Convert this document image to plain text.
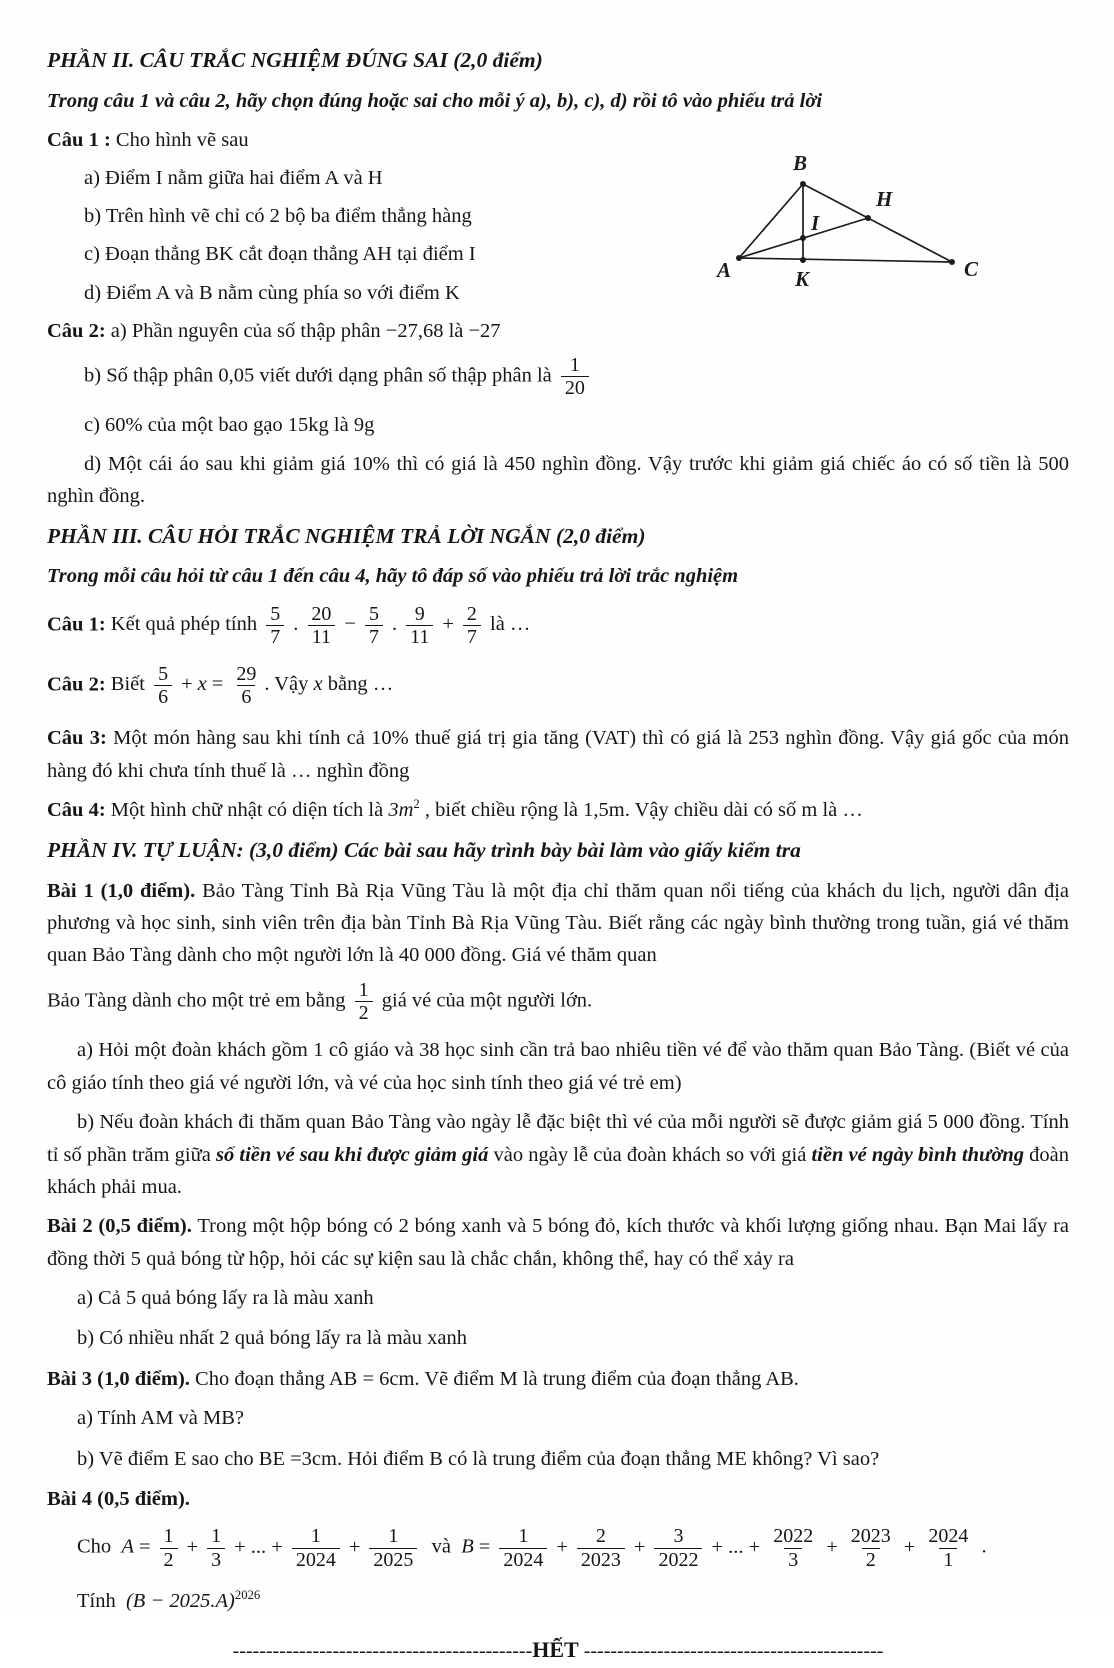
PHẦN II. CÂU TRẮC NGHIỆM ĐÚNG SAI (2,0 điểm)
Trong câu 1 và câu 2, hãy chọn đúng hoặc sai cho mỗi ý a), b), c), d) rồi tô vào phiếu trả lời
Câu 1 : Cho hình vẽ sau
a) Điểm I nằm giữa hai điểm A và H
b) Trên hình vẽ chỉ có 2 bộ ba điểm thẳng hàng
c) Đoạn thẳng BK cắt đoạn thẳng AH tại điểm I
d) Điểm A và B nằm cùng phía so với điểm K
A
B
C
H
I
K
Câu 2: a) Phần nguyên của số thập phân −27,68 là −27
b) Số thập phân 0,05 viết dưới dạng phân số thập phân là $\frac{1}{20}$
c) 60% của một bao gạo 15kg là 9g

d) Một cái áo sau khi giảm giá 10% thì có giá là 450 nghìn đồng. Vậy trước khi giảm giá chiếc áo có số tiền là 500 nghìn đồng.

PHẦN III. CÂU HỎI TRẮC NGHIỆM TRẢ LỜI NGẮN (2,0 điểm)
Trong mỗi câu hỏi từ câu 1 đến câu 4, hãy tô đáp số vào phiếu trả lời trắc nghiệm
Câu 1: Kết quả phép tính $\frac{5}{7}$ . $\frac{20}{11} - \frac{5}{7}$ . $\frac{9}{11} + \frac{2}{7}$ là …
Câu 2: Biết $\frac{5}{6} + x = \frac{29}{6}$ . Vậy x bằng …

Câu 3: Một món hàng sau khi tính cả 10% thuế giá trị gia tăng (VAT) thì có giá là 253 nghìn đồng. Vậy giá gốc của món hàng đó khi chưa tính thuế là … nghìn đồng

Câu 4: Một hình chữ nhật có diện tích là $3m^2$ , biết chiều rộng là 1,5m. Vậy chiều dài có số m là …

PHẦN IV. TỰ LUẬN: (3,0 điểm) Các bài sau hãy trình bày bài làm vào giấy kiểm tra

Bài 1 (1,0 điểm). Bảo Tàng Tỉnh Bà Rịa Vũng Tàu là một địa chỉ thăm quan nổi tiếng của khách du lịch, người dân địa phương và học sinh, sinh viên trên địa bàn Tỉnh Bà Rịa Vũng Tàu. Biết rằng các ngày bình thường trong tuần, giá vé thăm quan Bảo Tàng dành cho một người lớn là 40 000 đồng. Giá vé thăm quan

Bảo Tàng dành cho một trẻ em bằng $\frac{1}{2}$ giá vé của một người lớn.

a) Hỏi một đoàn khách gồm 1 cô giáo và 38 học sinh cần trả bao nhiêu tiền vé để vào thăm quan Bảo Tàng. (Biết vé của cô giáo tính theo giá vé người lớn, và vé của học sinh tính theo giá vé trẻ em)

b) Nếu đoàn khách đi thăm quan Bảo Tàng vào ngày lễ đặc biệt thì vé của mỗi người sẽ được giảm giá 5 000 đồng. Tính tỉ số phần trăm giữa số tiền vé sau khi được giảm giá vào ngày lễ của đoàn khách so với giá tiền vé ngày bình thường đoàn khách phải mua.

Bài 2 (0,5 điểm). Trong một hộp bóng có 2 bóng xanh và 5 bóng đỏ, kích thước và khối lượng giống nhau. Bạn Mai lấy ra đồng thời 5 quả bóng từ hộp, hỏi các sự kiện sau là chắc chắn, không thể, hay có thể xảy ra

a) Cả 5 quả bóng lấy ra là màu xanh
b) Có nhiều nhất 2 quả bóng lấy ra là màu xanh

Bài 3 (1,0 điểm). Cho đoạn thẳng AB = 6cm. Vẽ điểm M là trung điểm của đoạn thẳng AB.

a) Tính AM và MB?
b) Vẽ điểm E sao cho BE =3cm. Hỏi điểm B có là trung điểm của đoạn thẳng ME không? Vì sao?
Bài 4 (0,5 điểm).
Cho  $A = \frac{1}{2} + \frac{1}{3}$ + ... + $\frac{1}{2024} + \frac{1}{2025}$ và  $B = \frac{1}{2024} + \frac{2}{2023} + \frac{3}{2022}$ + ... + $\frac{2022}{3} + \frac{2023}{2} + \frac{2024}{1}$ .
Tính  $(B - 2025.A)^{2026}$
---------------------------------------------HẾT ---------------------------------------------
